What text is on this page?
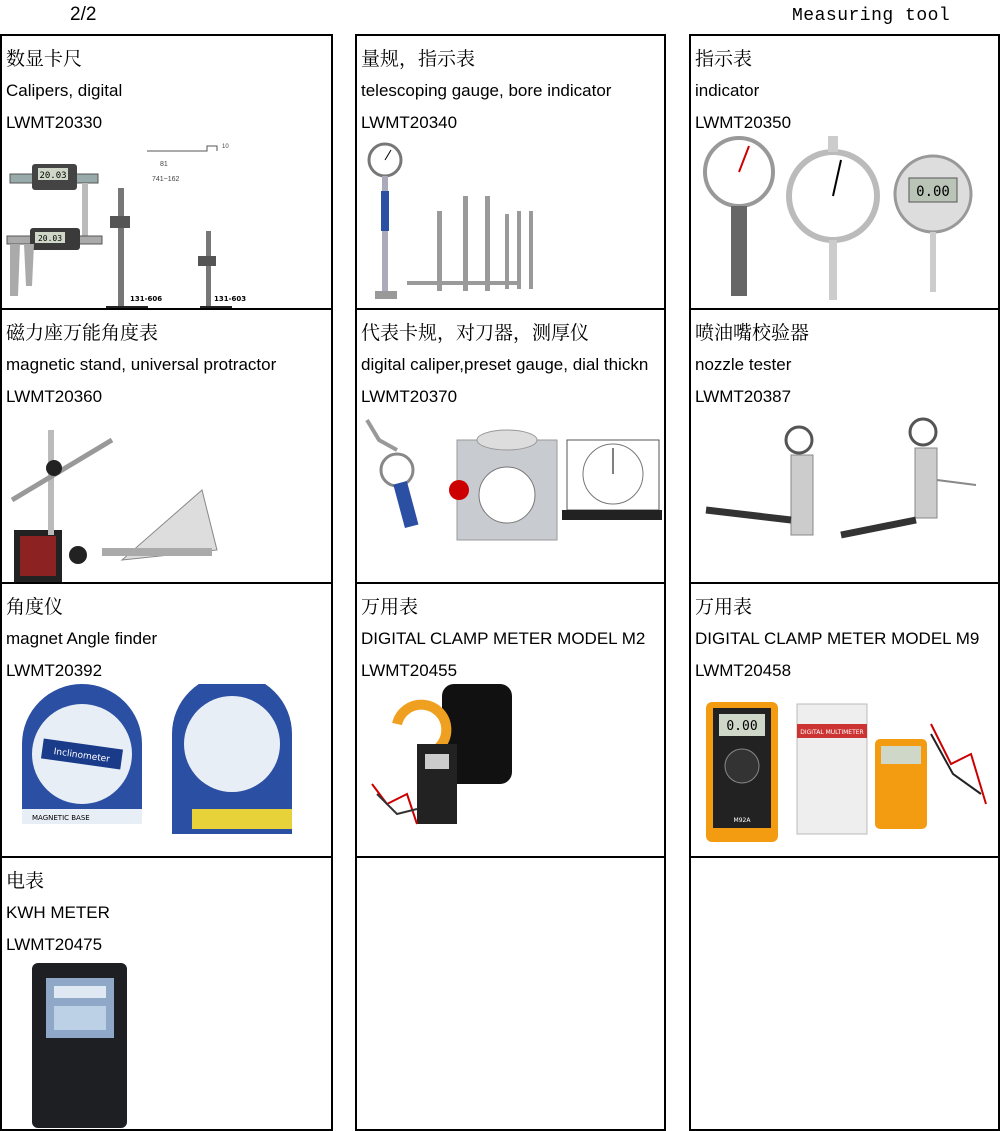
2/2	Measuring tool
数显卡尺
Calipers, digital
LWMT20330
20.03
20.03
131-606	131-603
81
741~162
10
量规，指示表
telescoping gauge, bore indicator
LWMT20340
指示表
indicator
LWMT20350
0.00
磁力座万能角度表
magnetic stand, universal protractor
LWMT20360
代表卡规，对刀器，测厚仪
digital caliper,preset gauge, dial thickn
LWMT20370
喷油嘴校验器
nozzle tester
LWMT20387
角度仪
magnet Angle finder
LWMT20392
Inclinometer
MAGNETIC BASE
万用表
DIGITAL CLAMP METER MODEL M2
LWMT20455
万用表
DIGITAL CLAMP METER MODEL M9
LWMT20458
0.00
M92A
DIGITAL MULTIMETER
电表
KWH METER
LWMT20475
